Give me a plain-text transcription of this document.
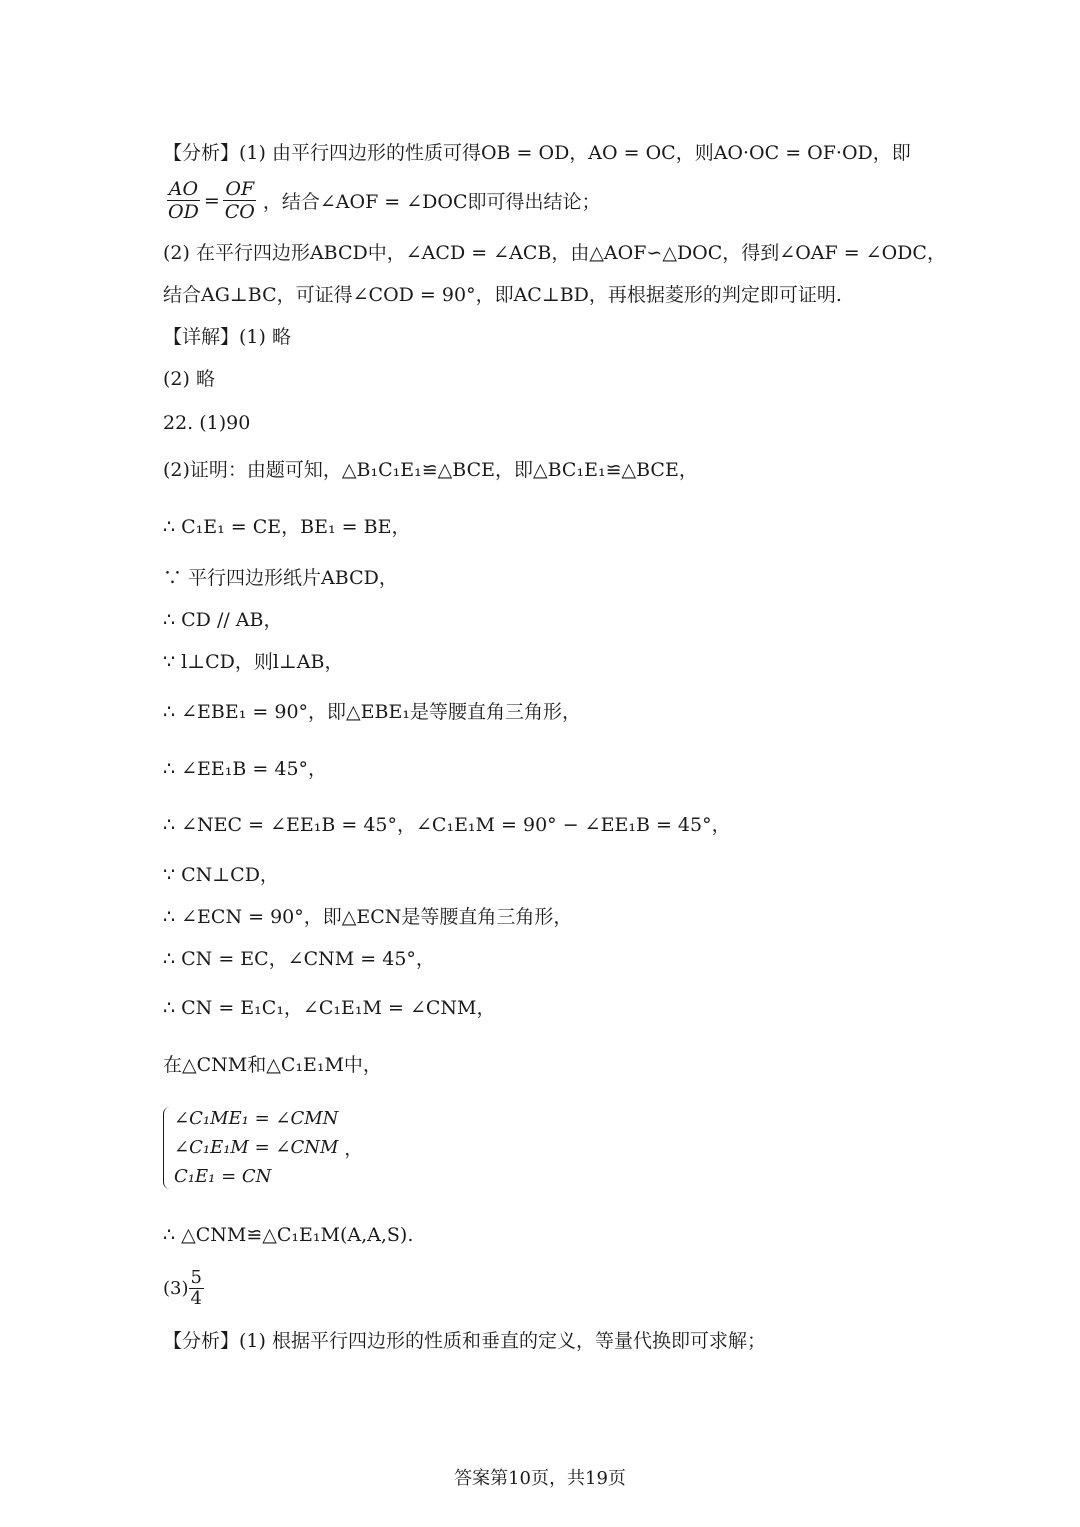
【分析】(1) 由平行四边形的性质可得OB = OD，AO = OC，则AO·OC = OF·OD，即
(2) 在平行四边形ABCD中，∠ACD = ∠ACB，由△AOF∽△DOC，得到∠OAF = ∠ODC，
结合AG⊥BC，可证得∠COD = 90°，即AC⊥BD，再根据菱形的判定即可证明.
【详解】(1) 略
(2) 略
22. (1)90
(2)证明：由题可知，△B₁C₁E₁≌△BCE，即△BC₁E₁≌△BCE，
∴ C₁E₁ = CE，BE₁ = BE，
∵ 平行四边形纸片ABCD，
∴ CD // AB，
∵ l⊥CD，则l⊥AB，
∴ ∠EBE₁ = 90°，即△EBE₁是等腰直角三角形，
∴ ∠EE₁B = 45°，
∴ ∠NEC = ∠EE₁B = 45°，∠C₁E₁M = 90° − ∠EE₁B = 45°，
∵ CN⊥CD，
∴ ∠ECN = 90°，即△ECN是等腰直角三角形，
∴ CN = EC，∠CNM = 45°，
∴ CN = E₁C₁，∠C₁E₁M = ∠CNM，
在△CNM和△C₁E₁M中，
∴ △CNM≌△C₁E₁M(A,A,S).
【分析】(1) 根据平行四边形的性质和垂直的定义，等量代换即可求解；
$\frac{AO}{OD} = \frac{OF}{CO}$ ，结合∠AOF = ∠DOC即可得出结论；
∠C₁ME₁ = ∠CMN
∠C₁E₁M = ∠CNM
C₁E₁ = CN
，
$(3) \frac{5}{4}$
答案第10页，共19页
